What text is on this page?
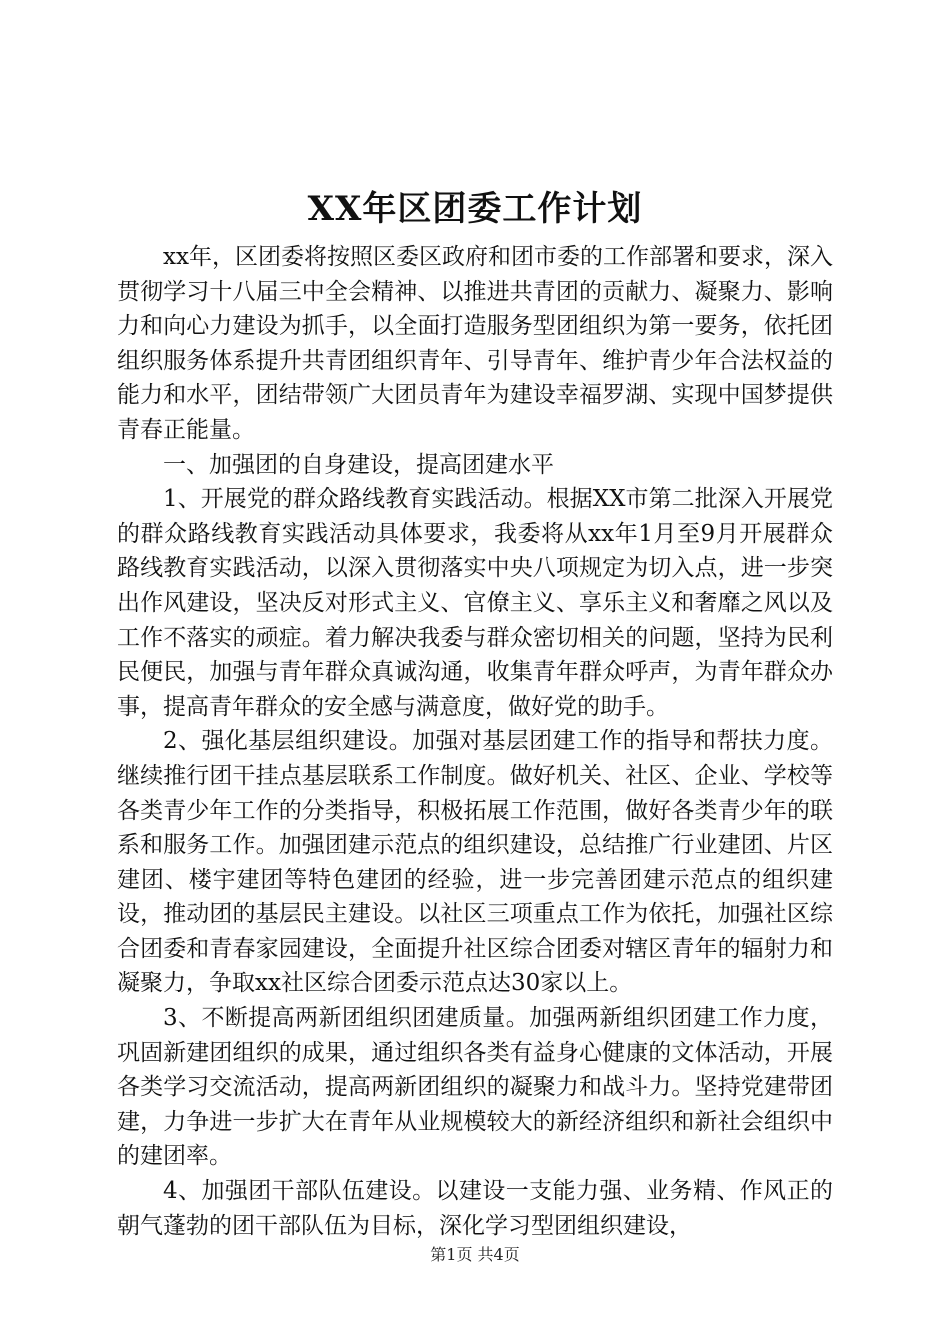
XX年区团委工作计划

xx年，区团委将按照区委区政府和团市委的工作部署和要求，深入贯彻学习十八届三中全会精神、以推进共青团的贡献力、凝聚力、影响力和向心力建设为抓手，以全面打造服务型团组织为第一要务，依托团组织服务体系提升共青团组织青年、引导青年、维护青少年合法权益的能力和水平，团结带领广大团员青年为建设幸福罗湖、实现中国梦提供青春正能量。

一、加强团的自身建设，提高团建水平

1、开展党的群众路线教育实践活动。根据XX市第二批深入开展党的群众路线教育实践活动具体要求，我委将从xx年1月至9月开展群众路线教育实践活动，以深入贯彻落实中央八项规定为切入点，进一步突出作风建设，坚决反对形式主义、官僚主义、享乐主义和奢靡之风以及工作不落实的顽症。着力解决我委与群众密切相关的问题，坚持为民利民便民，加强与青年群众真诚沟通，收集青年群众呼声，为青年群众办事，提高青年群众的安全感与满意度，做好党的助手。

2、强化基层组织建设。加强对基层团建工作的指导和帮扶力度。继续推行团干挂点基层联系工作制度。做好机关、社区、企业、学校等各类青少年工作的分类指导，积极拓展工作范围，做好各类青少年的联系和服务工作。加强团建示范点的组织建设，总结推广行业建团、片区建团、楼宇建团等特色建团的经验，进一步完善团建示范点的组织建设，推动团的基层民主建设。以社区三项重点工作为依托，加强社区综合团委和青春家园建设，全面提升社区综合团委对辖区青年的辐射力和凝聚力，争取xx社区综合团委示范点达30家以上。

3、不断提高两新团组织团建质量。加强两新组织团建工作力度，巩固新建团组织的成果，通过组织各类有益身心健康的文体活动，开展各类学习交流活动，提高两新团组织的凝聚力和战斗力。坚持党建带团建，力争进一步扩大在青年从业规模较大的新经济组织和新社会组织中的建团率。

4、加强团干部队伍建设。以建设一支能力强、业务精、作风正的朝气蓬勃的团干部队伍为目标，深化学习型团组织建设，

第1页 共4页
